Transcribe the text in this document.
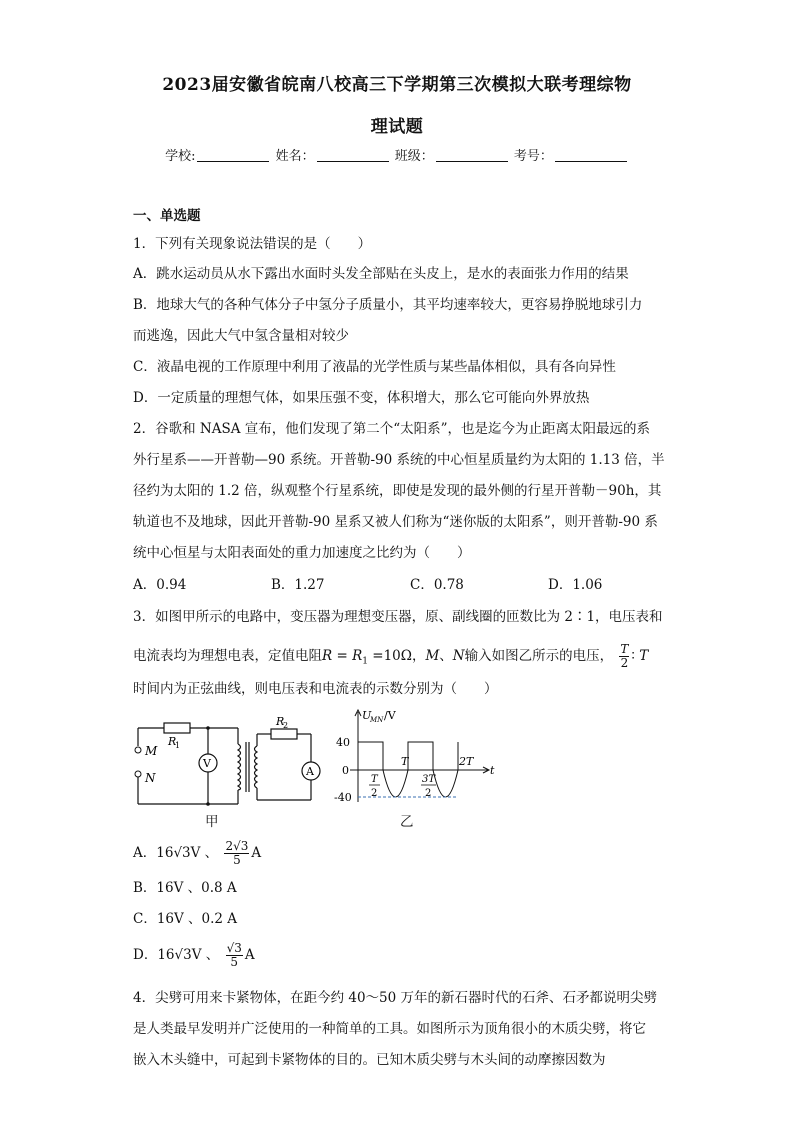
2023届安徽省皖南八校高三下学期第三次模拟大联考理综物
理试题
学校:	姓名：	班级：	考号：
一、单选题
1．下列有关现象说法错误的是（　　）
A．跳水运动员从水下露出水面时头发全部贴在头皮上，是水的表面张力作用的结果
B．地球大气的各种气体分子中氢分子质量小，其平均速率较大，更容易挣脱地球引力
而逃逸，因此大气中氢含量相对较少
C．液晶电视的工作原理中利用了液晶的光学性质与某些晶体相似，具有各向异性
D．一定质量的理想气体，如果压强不变，体积增大，那么它可能向外界放热
2．谷歌和 NASA 宣布，他们发现了第二个“太阳系”，也是迄今为止距离太阳最远的系
外行星系——开普勒—90 系统。开普勒-90 系统的中心恒星质量约为太阳的 1.13 倍，半
径约为太阳的 1.2 倍，纵观整个行星系统，即使是发现的最外侧的行星开普勒－90h，其
轨道也不及地球，因此开普勒-90 星系又被人们称为“迷你版的太阳系”，则开普勒-90 系
统中心恒星与太阳表面处的重力加速度之比约为（　　）
A．0.94	B．1.27	C．0.78	D．1.06
3．如图甲所示的电路中，变压器为理想变压器，原、副线圈的匝数比为 2∶1，电压表和
电流表均为理想电表，定值电阻$R = R_1 =10\Omega$，M、N输入如图乙所示的电压， $\frac{T}{2}$ ∶ T
时间内为正弦曲线，则电压表和电流表的示数分别为（　　）
M
N
R
1
R
2
V
A
甲
U
MN /V
40
0
-40
t
T	2T
T
2
3T
2
乙
A．16√3V 、 $\frac{2√3}{5}$ A
B．16V 、0.8 A
C．16V 、0.2 A
D．16√3V 、 $\frac{√3}{5}$ A
4．尖劈可用来卡紧物体，在距今约 40～50 万年的新石器时代的石斧、石矛都说明尖劈
是人类最早发明并广泛使用的一种简单的工具。如图所示为顶角很小的木质尖劈，将它
嵌入木头缝中，可起到卡紧物体的目的。已知木质尖劈与木头间的动摩擦因数为
